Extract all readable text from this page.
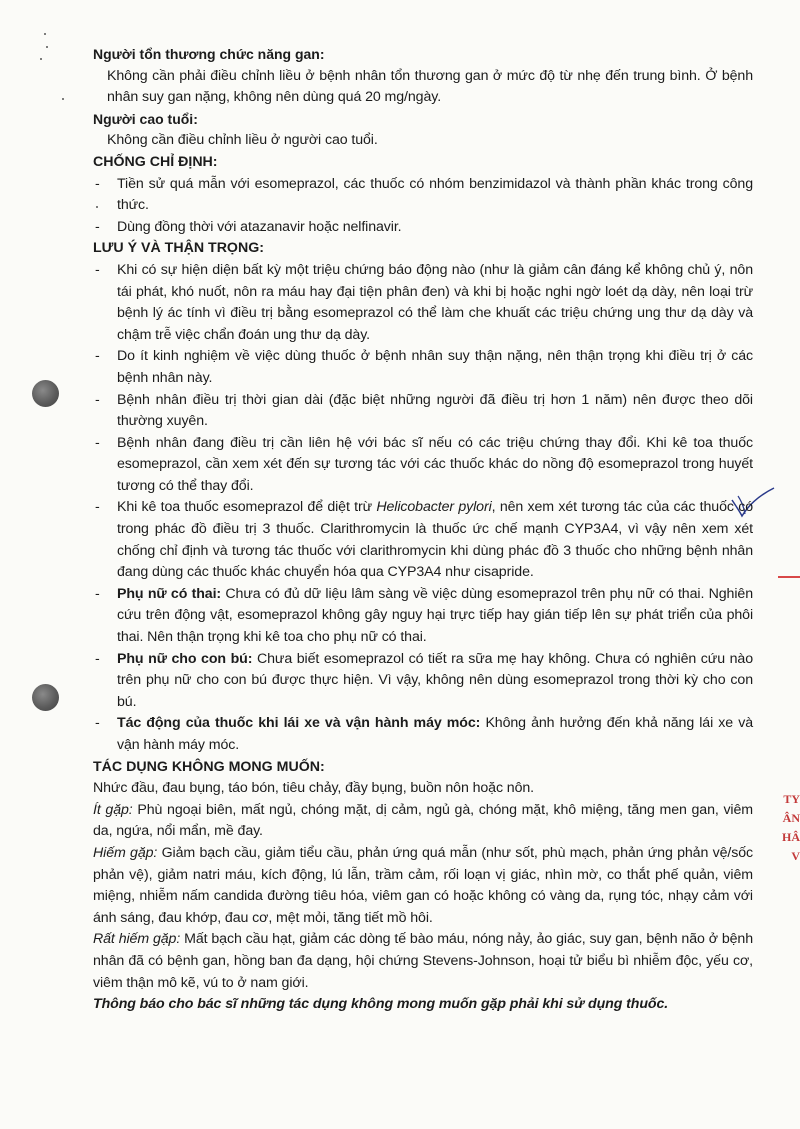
TY
ÂN
HÂ
V
Người tổn thương chức năng gan:
Không cần phải điều chỉnh liều ở bệnh nhân tổn thương gan ở mức độ từ nhẹ đến trung bình. Ở bệnh nhân suy gan nặng, không nên dùng quá 20 mg/ngày.
Người cao tuổi:
Không cần điều chỉnh liều ở người cao tuổi.
CHỐNG CHỈ ĐỊNH:
- Tiền sử quá mẫn với esomeprazol, các thuốc có nhóm benzimidazol và thành phần khác trong công thức.
- Dùng đồng thời với atazanavir hoặc nelfinavir.
LƯU Ý VÀ THẬN TRỌNG:
- Khi có sự hiện diện bất kỳ một triệu chứng báo động nào (như là giảm cân đáng kể không chủ ý, nôn tái phát, khó nuốt, nôn ra máu hay đại tiện phân đen) và khi bị hoặc nghi ngờ loét dạ dày, nên loại trừ bệnh lý ác tính vì điều trị bằng esomeprazol có thể làm che khuất các triệu chứng ung thư dạ dày và chậm trễ việc chẩn đoán ung thư dạ dày.
- Do ít kinh nghiệm về việc dùng thuốc ở bệnh nhân suy thận nặng, nên thận trọng khi điều trị ở các bệnh nhân này.
- Bệnh nhân điều trị thời gian dài (đặc biệt những người đã điều trị hơn 1 năm) nên được theo dõi thường xuyên.
- Bệnh nhân đang điều trị cần liên hệ với bác sĩ nếu có các triệu chứng thay đổi. Khi kê toa thuốc esomeprazol, cần xem xét đến sự tương tác với các thuốc khác do nồng độ esomeprazol trong huyết tương có thể thay đổi.
- Khi kê toa thuốc esomeprazol để diệt trừ Helicobacter pylori, nên xem xét tương tác của các thuốc có trong phác đồ điều trị 3 thuốc. Clarithromycin là thuốc ức chế mạnh CYP3A4, vì vậy nên xem xét chống chỉ định và tương tác thuốc với clarithromycin khi dùng phác đồ 3 thuốc cho những bệnh nhân đang dùng các thuốc khác chuyển hóa qua CYP3A4 như cisapride.
- Phụ nữ có thai: Chưa có đủ dữ liệu lâm sàng về việc dùng esomeprazol trên phụ nữ có thai. Nghiên cứu trên động vật, esomeprazol không gây nguy hại trực tiếp hay gián tiếp lên sự phát triển của phôi thai. Nên thận trọng khi kê toa cho phụ nữ có thai.
- Phụ nữ cho con bú: Chưa biết esomeprazol có tiết ra sữa mẹ hay không. Chưa có nghiên cứu nào trên phụ nữ cho con bú được thực hiện. Vì vậy, không nên dùng esomeprazol trong thời kỳ cho con bú.
- Tác động của thuốc khi lái xe và vận hành máy móc: Không ảnh hưởng đến khả năng lái xe và vận hành máy móc.
TÁC DỤNG KHÔNG MONG MUỐN:
Nhức đầu, đau bụng, táo bón, tiêu chảy, đầy bụng, buồn nôn hoặc nôn.
Ít gặp: Phù ngoại biên, mất ngủ, chóng mặt, dị cảm, ngủ gà, chóng mặt, khô miệng, tăng men gan, viêm da, ngứa, nổi mẩn, mề đay.
Hiếm gặp: Giảm bạch cầu, giảm tiểu cầu, phản ứng quá mẫn (như sốt, phù mạch, phản ứng phản vệ/sốc phản vệ), giảm natri máu, kích động, lú lẫn, trầm cảm, rối loạn vị giác, nhìn mờ, co thắt phế quản, viêm miệng, nhiễm nấm candida đường tiêu hóa, viêm gan có hoặc không có vàng da, rụng tóc, nhạy cảm với ánh sáng, đau khớp, đau cơ, mệt mỏi, tăng tiết mồ hôi.
Rất hiếm gặp: Mất bạch cầu hạt, giảm các dòng tế bào máu, nóng nảy, ảo giác, suy gan, bệnh não ở bệnh nhân đã có bệnh gan, hồng ban đa dạng, hội chứng Stevens-Johnson, hoại tử biểu bì nhiễm độc, yếu cơ, viêm thận mô kẽ, vú to ở nam giới.
Thông báo cho bác sĩ những tác dụng không mong muốn gặp phải khi sử dụng thuốc.
